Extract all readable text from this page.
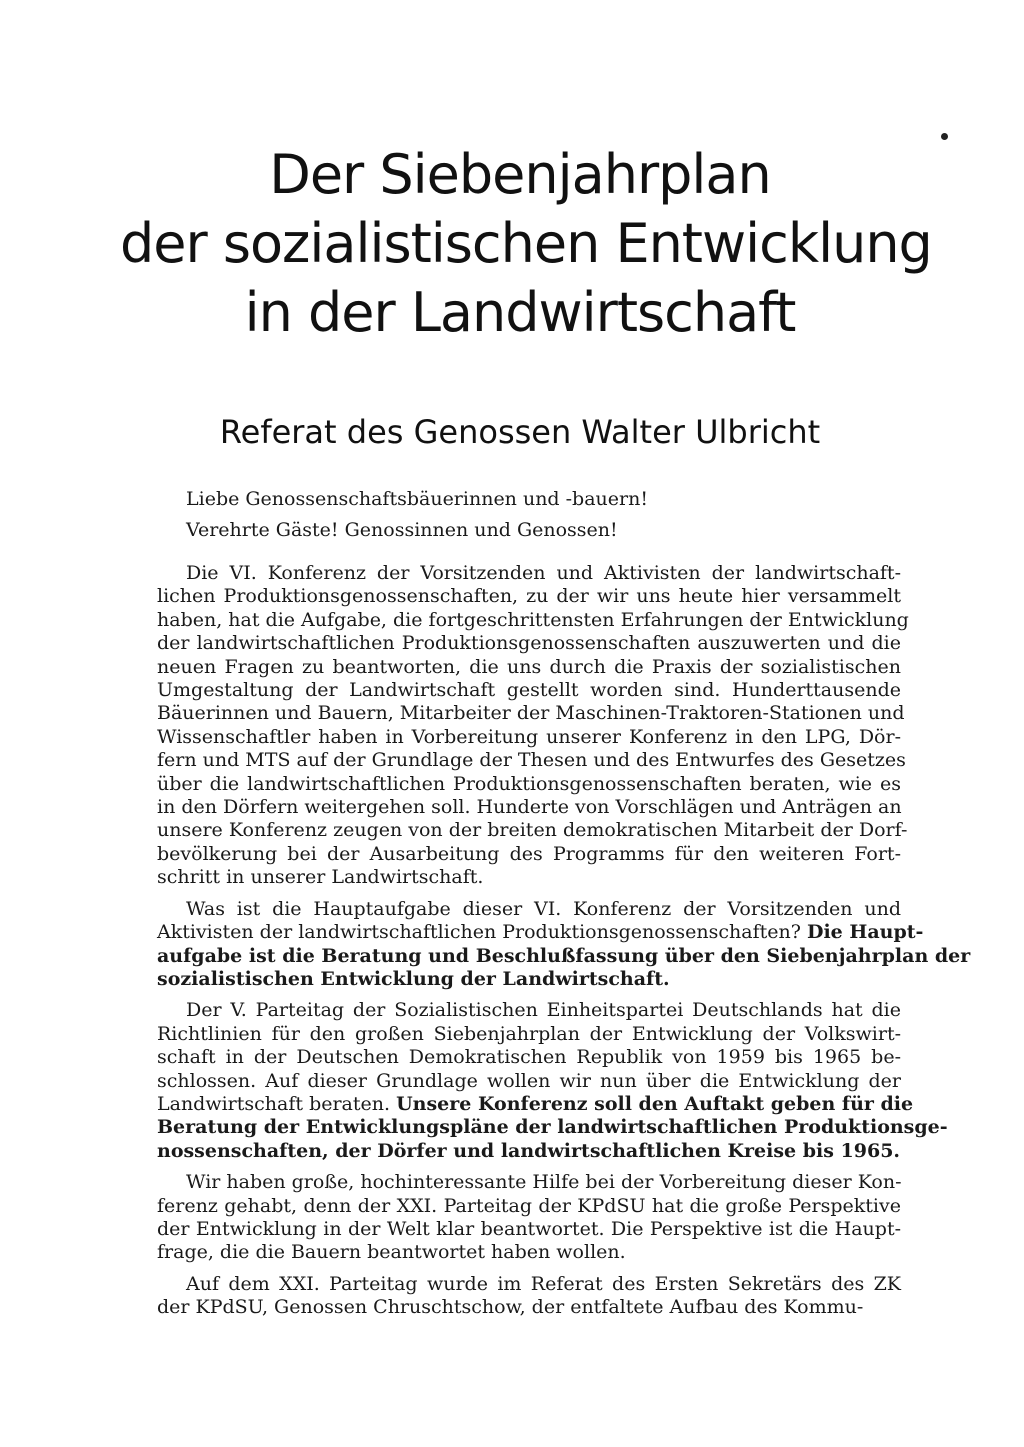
Der Siebenjahrplan
der sozialistischen Entwicklung
in der Landwirtschaft
Referat des Genossen Walter Ulbricht
Liebe Genossenschaftsbäuerinnen und -bauern!
Verehrte Gäste! Genossinnen und Genossen!
Die VI. Konferenz der Vorsitzenden und Aktivisten der landwirtschaft-
lichen Produktionsgenossenschaften, zu der wir uns heute hier versammelt
haben, hat die Aufgabe, die fortgeschrittensten Erfahrungen der Entwicklung
der landwirtschaftlichen Produktionsgenossenschaften auszuwerten und die
neuen Fragen zu beantworten, die uns durch die Praxis der sozialistischen
Umgestaltung der Landwirtschaft gestellt worden sind. Hunderttausende
Bäuerinnen und Bauern, Mitarbeiter der Maschinen-Traktoren-Stationen und
Wissenschaftler haben in Vorbereitung unserer Konferenz in den LPG, Dör-
fern und MTS auf der Grundlage der Thesen und des Entwurfes des Gesetzes
über die landwirtschaftlichen Produktionsgenossenschaften beraten, wie es
in den Dörfern weitergehen soll. Hunderte von Vorschlägen und Anträgen an
unsere Konferenz zeugen von der breiten demokratischen Mitarbeit der Dorf-
bevölkerung bei der Ausarbeitung des Programms für den weiteren Fort-
schritt in unserer Landwirtschaft.
Was ist die Hauptaufgabe dieser VI. Konferenz der Vorsitzenden und
Aktivisten der landwirtschaftlichen Produktionsgenossenschaften? Die Haupt-
aufgabe ist die Beratung und Beschlußfassung über den Siebenjahrplan der
sozialistischen Entwicklung der Landwirtschaft.
Der V. Parteitag der Sozialistischen Einheitspartei Deutschlands hat die
Richtlinien für den großen Siebenjahrplan der Entwicklung der Volkswirt-
schaft in der Deutschen Demokratischen Republik von 1959 bis 1965 be-
schlossen. Auf dieser Grundlage wollen wir nun über die Entwicklung der
Landwirtschaft beraten. Unsere Konferenz soll den Auftakt geben für die
Beratung der Entwicklungspläne der landwirtschaftlichen Produktionsge-
nossenschaften, der Dörfer und landwirtschaftlichen Kreise bis 1965.
Wir haben große, hochinteressante Hilfe bei der Vorbereitung dieser Kon-
ferenz gehabt, denn der XXI. Parteitag der KPdSU hat die große Perspektive
der Entwicklung in der Welt klar beantwortet. Die Perspektive ist die Haupt-
frage, die die Bauern beantwortet haben wollen.
Auf dem XXI. Parteitag wurde im Referat des Ersten Sekretärs des ZK
der KPdSU, Genossen Chruschtschow, der entfaltete Aufbau des Kommu-
